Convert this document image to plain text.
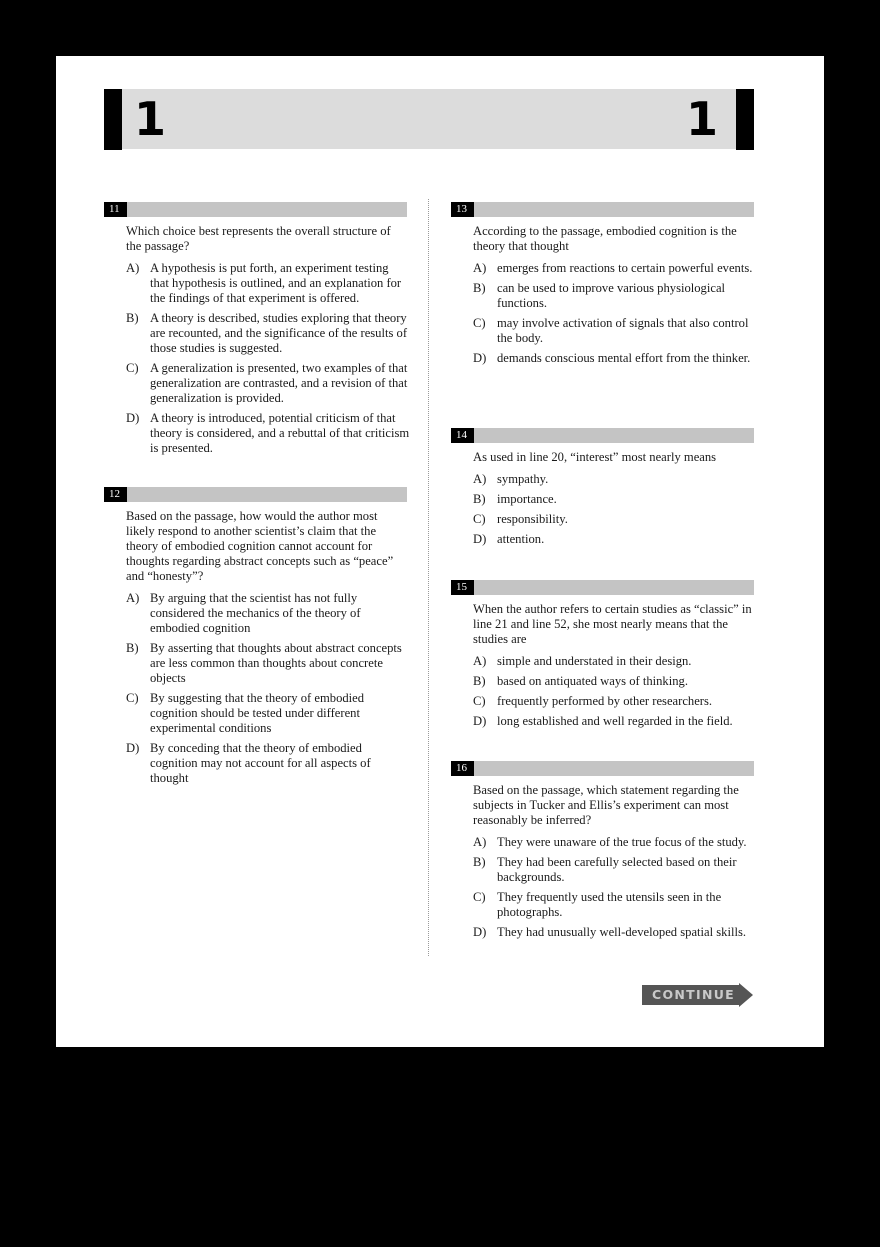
1	1
11
Which choice best represents the overall structure of the passage?
A) A hypothesis is put forth, an experiment testing that hypothesis is outlined, and an explanation for the findings of that experiment is offered.
B) A theory is described, studies exploring that theory are recounted, and the significance of the results of those studies is suggested.
C) A generalization is presented, two examples of that generalization are contrasted, and a revision of that generalization is provided.
D) A theory is introduced, potential criticism of that theory is considered, and a rebuttal of that criticism is presented.
12
Based on the passage, how would the author most likely respond to another scientist’s claim that the theory of embodied cognition cannot account for thoughts regarding abstract concepts such as “peace” and “honesty”?
A) By arguing that the scientist has not fully considered the mechanics of the theory of embodied cognition
B) By asserting that thoughts about abstract concepts are less common than thoughts about concrete objects
C) By suggesting that the theory of embodied cognition should be tested under different experimental conditions
D) By conceding that the theory of embodied cognition may not account for all aspects of thought
13
According to the passage, embodied cognition is the theory that thought
A) emerges from reactions to certain powerful events.
B) can be used to improve various physiological functions.
C) may involve activation of signals that also control the body.
D) demands conscious mental effort from the thinker.
14
As used in line 20, “interest” most nearly means
A) sympathy.
B) importance.
C) responsibility.
D) attention.
15
When the author refers to certain studies as “classic” in line 21 and line 52, she most nearly means that the studies are
A) simple and understated in their design.
B) based on antiquated ways of thinking.
C) frequently performed by other researchers.
D) long established and well regarded in the field.
16
Based on the passage, which statement regarding the subjects in Tucker and Ellis’s experiment can most reasonably be inferred?
A) They were unaware of the true focus of the study.
B) They had been carefully selected based on their backgrounds.
C) They frequently used the utensils seen in the photographs.
D) They had unusually well-developed spatial skills.
CONTINUE
